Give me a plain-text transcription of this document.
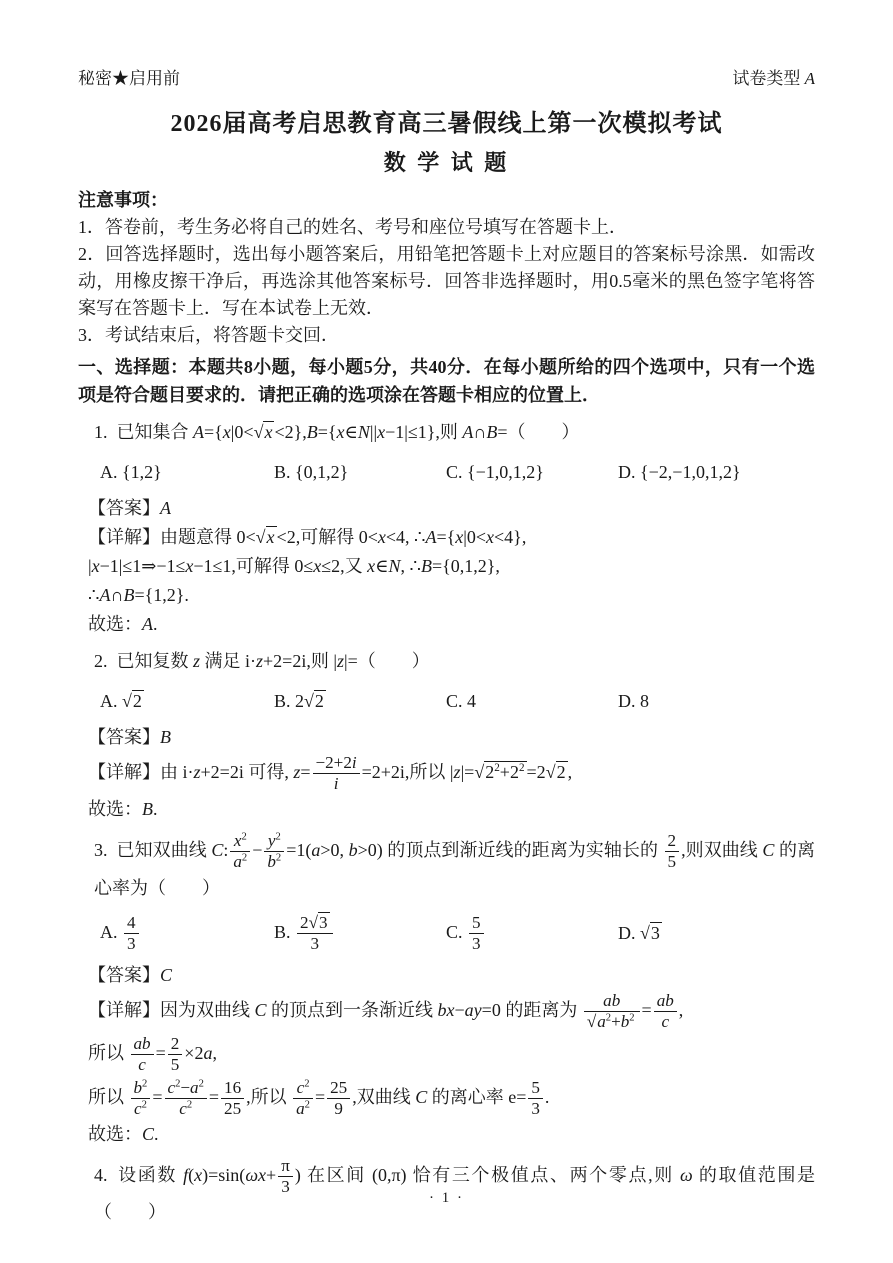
秘密★启用前	试卷类型 A
2026届高考启思教育高三暑假线上第一次模拟考试
数 学 试 题
注意事项：

1．答卷前，考生务必将自己的姓名、考号和座位号填写在答题卡上．

2．回答选择题时，选出每小题答案后，用铅笔把答题卡上对应题目的答案标号涂黑．如需改动，用橡皮擦干净后，再选涂其他答案标号．回答非选择题时，用0.5毫米的黑色签字笔将答案写在答题卡上．写在本试卷上无效．

3．考试结束后，将答题卡交回．

一、选择题：本题共8小题，每小题5分，共40分．在每小题所给的四个选项中，只有一个选项是符合题目要求的．请把正确的选项涂在答题卡相应的位置上．

1. 已知集合 A={x|0<√x <2},B={x∈N||x−1|≤1},则 A∩B=（　　）

A. {1,2}	B. {0,1,2}	C. {−1,0,1,2}	D. {−2,−1,0,1,2}

【答案】A

【详解】由题意得 0<√x <2,可解得 0<x<4, ∴A={x|0<x<4},

|x−1|≤1⇒−1≤x−1≤1,可解得 0≤x≤2,又 x∈N, ∴B={0,1,2},

∴A∩B={1,2}.

故选：A.

2. 已知复数 z 满足 i·z+2=2i,则 |z|=（　　）

A. √2	B. 2√2	C. 4	D. 8

【答案】B

【详解】由 i·z+2=2i 可得, $z= \frac{-2+2i}{i} =2+2i$,所以 $|z|=√2^2+2^2 =2√2$ ,

故选：B.

3. 已知双曲线 C: $\frac{x^2}{a^2} - \frac{y^2}{b^2} =1(a>0$, b>0) 的顶点到渐近线的距离为实轴长的 $\frac{2}{5}$ ,则双曲线 C 的离心率为（　　）

A. $\frac{4}{3}$	B. $\frac{2√3}{3}$	C. $\frac{5}{3}$	D. √3

【答案】C

【详解】因为双曲线 C 的顶点到一条渐近线 bx−ay=0 的距离为 $\frac{ab}{√a^2+b^2} = \frac{ab}{c}$ ,

所以 $\frac{ab}{c} = \frac{2}{5} \times 2a$,

所以 $\frac{b^2}{c^2} = \frac{c^2-a^2}{c^2} = \frac{16}{25}$ ,所以 $\frac{c^2}{a^2} = \frac{25}{9}$ ,双曲线 C 的离心率 $e= \frac{5}{3}$ .

故选：C.

4. 设函数 $f(x)=\sin(\omega x+ \frac{\pi}{3}$ ) 在区间 (0,π) 恰有三个极值点、两个零点,则 ω 的取值范围是（　　）

· 1 ·
